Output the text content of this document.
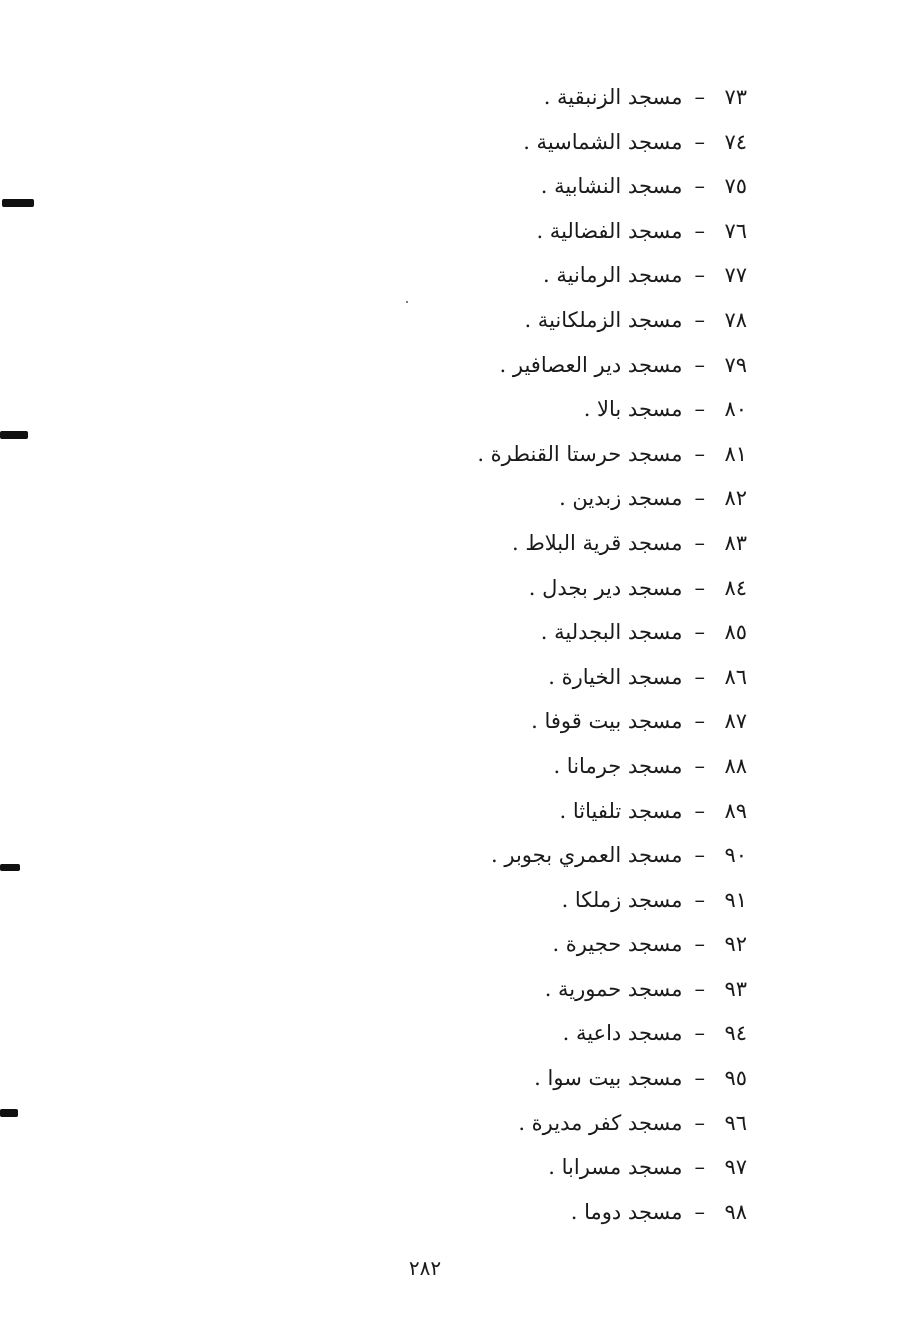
٧٣
–
مسجد الزنبقية .
٧٤
–
مسجد الشماسية .
٧٥
–
مسجد النشابية .
٧٦
–
مسجد الفضالية .
٧٧
–
مسجد الرمانية .
٧٨
–
مسجد الزملكانية .
٧٩
–
مسجد دير العصافير .
٨٠
–
مسجد بالا .
٨١
–
مسجد حرستا القنطرة .
٨٢
–
مسجد زبدين .
٨٣
–
مسجد قرية البلاط .
٨٤
–
مسجد دير بجدل .
٨٥
–
مسجد البجدلية .
٨٦
–
مسجد الخيارة .
٨٧
–
مسجد بيت قوفا .
٨٨
–
مسجد جرمانا .
٨٩
–
مسجد تلفياثا .
٩٠
–
مسجد العمري بجوبر .
٩١
–
مسجد زملكا .
٩٢
–
مسجد حجيرة .
٩٣
–
مسجد حمورية .
٩٤
–
مسجد داعية .
٩٥
–
مسجد بيت سوا .
٩٦
–
مسجد كفر مديرة .
٩٧
–
مسجد مسرابا .
٩٨
–
مسجد دوما .
٢٨٢
